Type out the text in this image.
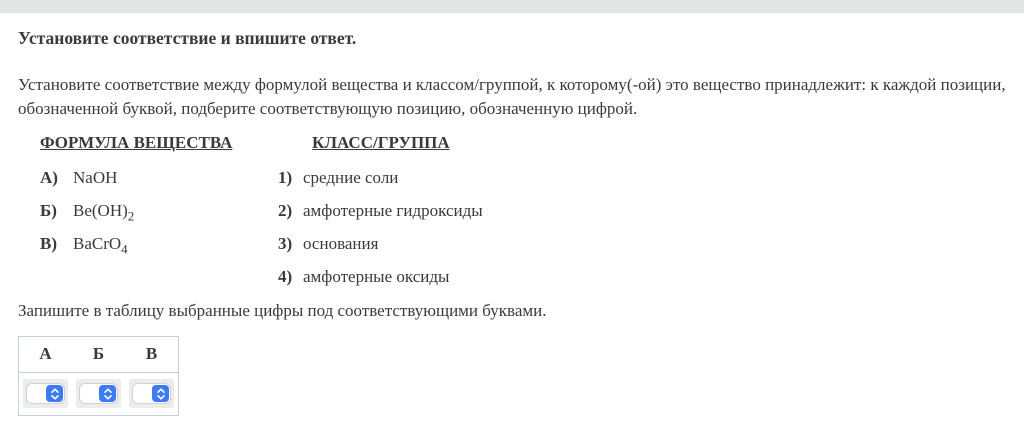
Установите соответствие и впишите ответ.

Установите соответствие между формулой вещества и классом/группой, к которому(-ой) это вещество принадлежит: к каждой позиции, обозначенной буквой, подберите соответствующую позицию, обозначенную цифрой.

ФОРМУЛА ВЕЩЕСТВА
А) NaOH
Б) $Be(OH)_2$
В) BaCrO$_4$
КЛАСС/ГРУППА
1) средние соли
2) амфотерные гидроксиды
3) основания
4) амфотерные оксиды

Запишите в таблицу выбранные цифры под соответствующими буквами.

А	Б	В
